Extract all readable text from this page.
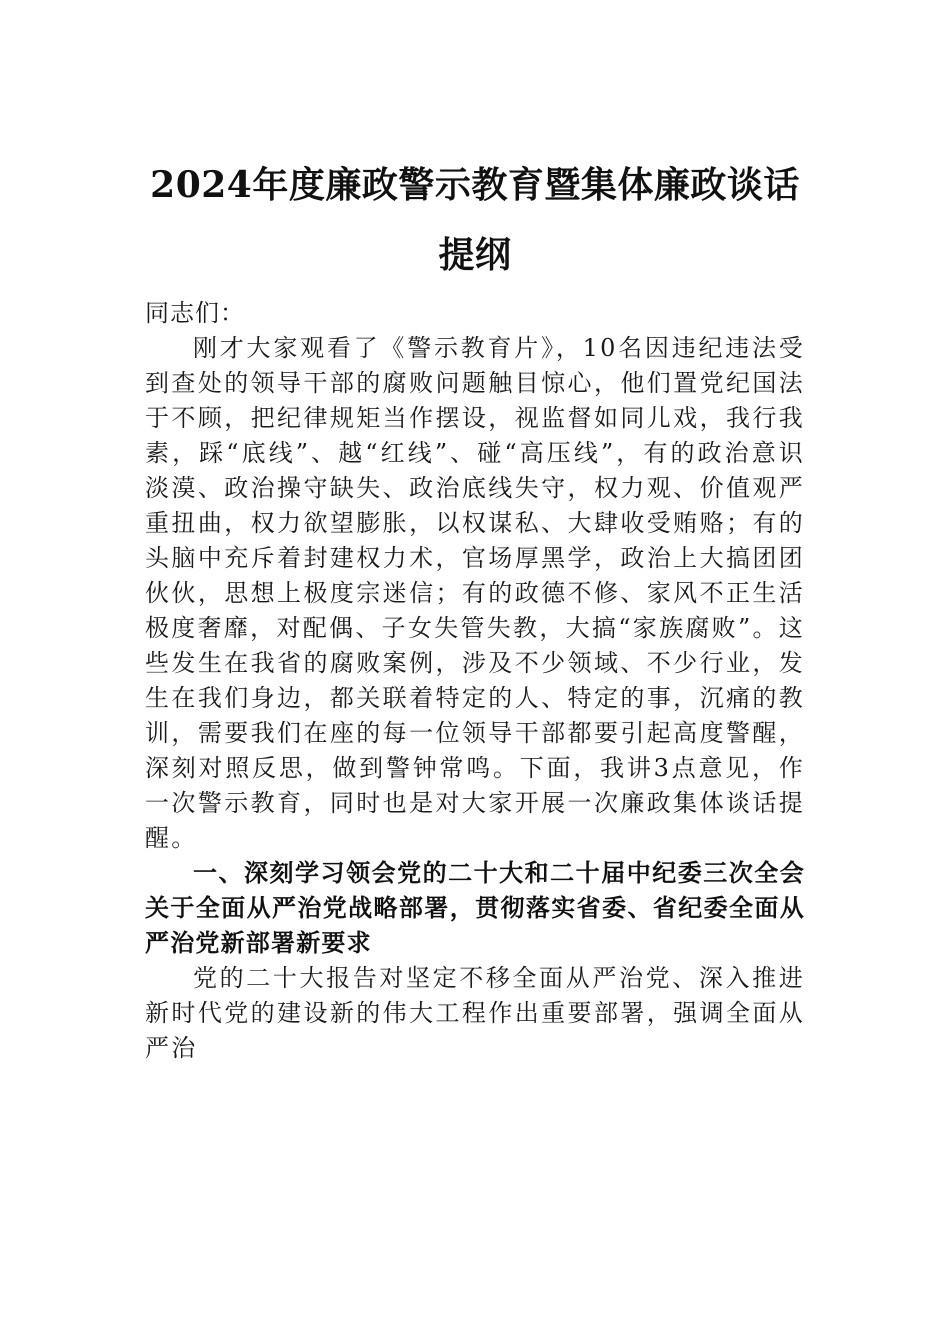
2024年度廉政警示教育暨集体廉政谈话提纲

同志们：

刚才大家观看了《警示教育片》，10名因违纪违法受到查处的领导干部的腐败问题触目惊心，他们置党纪国法于不顾，把纪律规矩当作摆设，视监督如同儿戏，我行我素，踩“底线”、越“红线”、碰“高压线”，有的政治意识淡漠、政治操守缺失、政治底线失守，权力观、价值观严重扭曲，权力欲望膨胀，以权谋私、大肆收受贿赂；有的头脑中充斥着封建权力术，官场厚黑学，政治上大搞团团伙伙，思想上极度宗迷信；有的政德不修、家风不正生活极度奢靡，对配偶、子女失管失教，大搞“家族腐败”。这些发生在我省的腐败案例，涉及不少领域、不少行业，发生在我们身边，都关联着特定的人、特定的事，沉痛的教训，需要我们在座的每一位领导干部都要引起高度警醒，深刻对照反思，做到警钟常鸣。下面，我讲3点意见，作一次警示教育，同时也是对大家开展一次廉政集体谈话提醒。

一、深刻学习领会党的二十大和二十届中纪委三次全会关于全面从严治党战略部署，贯彻落实省委、省纪委全面从严治党新部署新要求

党的二十大报告对坚定不移全面从严治党、深入推进新时代党的建设新的伟大工程作出重要部署，强调全面从严治
